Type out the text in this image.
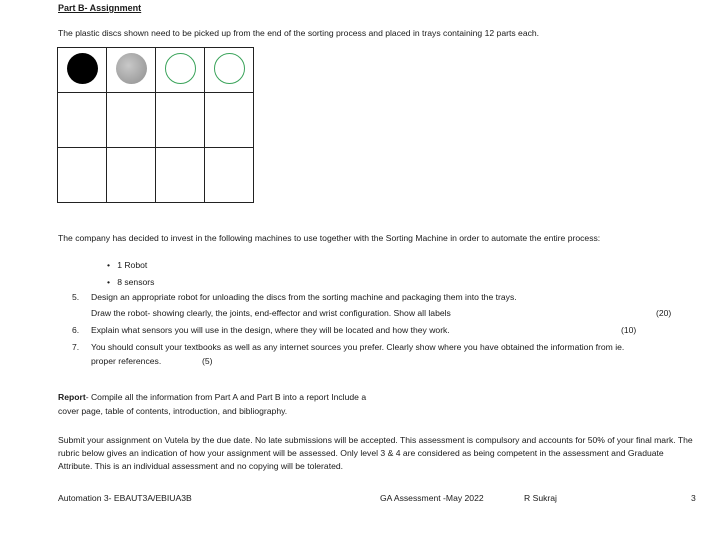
Part B- Assignment
The plastic discs shown need to be picked up from the end of the sorting process and placed in trays containing 12 parts each.

The company has decided to invest in the following machines to use together with the Sorting Machine in order to automate the entire process:
• 1 Robot
• 8 sensors
5. Design an appropriate robot for unloading the discs from the sorting machine and packaging them into the trays.
Draw the robot- showing clearly, the joints, end-effector and wrist configuration. Show all labels	(20)
6. Explain what sensors you will use in the design, where they will be located and how they work.	(10)
7. You should consult your textbooks as well as any internet sources you prefer. Clearly show where you have obtained the information from ie.
proper references.	(5)
Report- Compile all the information from Part A and Part B into a report Include a
cover page, table of contents, introduction, and bibliography.
Submit your assignment on Vutela by the due date. No late submissions will be accepted. This assessment is compulsory and accounts for 50% of your final mark. The rubric below gives an indication of how your assignment will be assessed. Only level 3 & 4 are considered as being competent in the assessment and Graduate Attribute. This is an individual assessment and no copying will be tolerated.
Automation 3- EBAUT3A/EBIUA3B	GA Assessment -May 2022	R Sukraj	3
